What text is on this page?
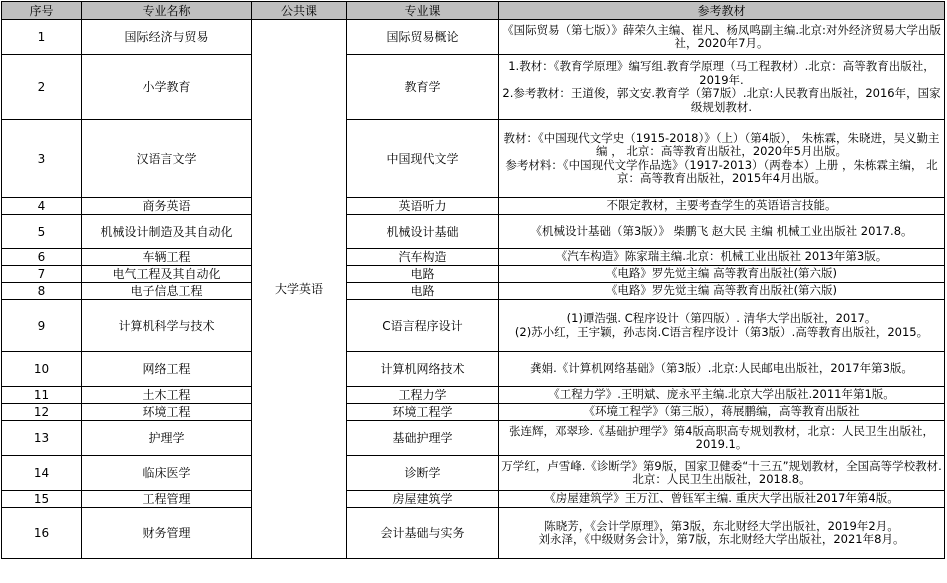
序号	专业名称	公共课	专业课	参考教材
1	国际经济与贸易	大学英语	国际贸易概论	《国际贸易（第七版）》薛荣久主编、崔凡、杨凤鸣副主编.北京:对外经济贸易大学出版社，2020年7月。

2	小学教育		教育学	1.教材：《教育学原理》编写组.教育学原理（马工程教材）.北京：高等教育出版社，2019年.
2.参考教材：王道俊，郭文安.教育学（第7版）.北京:人民教育出版社，2016年，国家级规划教材.

3	汉语言文学		中国现代文学	教材：《中国现代文学史（1915-2018）》（上）（第4版）， 朱栋霖，朱晓进，吴义勤主编 ， 北京：高等教育出版社，2020年5月出版。
参考材料：《中国现代文学作品选》（1917-2013）（两卷本）上册 ，朱栋霖主编， 北京：高等教育出版社，2015年4月出版。

4	商务英语		英语听力	不限定教材，主要考查学生的英语语言技能。

5	机械设计制造及其自动化		机械设计基础	《机械设计基础（第3版）》 柴鹏飞 赵大民 主编 机械工业出版社 2017.8。

6	车辆工程		汽车构造	《汽车构造》陈家瑞主编.北京：机械工业出版社 2013年第3版。

7	电气工程及其自动化		电路	《电路》罗先觉主编 高等教育出版社(第六版)

8	电子信息工程		电路	《电路》罗先觉主编 高等教育出版社(第六版)

9	计算机科学与技术		C语言程序设计	(1)谭浩强. C程序设计（第四版）. 清华大学出版社，2017。
(2)苏小红，王宇颖，孙志岗.C语言程序设计（第3版）.高等教育出版社，2015。

10	网络工程		计算机网络技术	龚娟.《计算机网络基础》（第3版）.北京:人民邮电出版社，2017年第3版。

11	土木工程		工程力学	《工程力学》.王明斌、庞永平主编.北京大学出版社.2011年第1版。

12	环境工程		环境工程学	《环境工程学》（第三版），蒋展鹏编，高等教育出版社

13	护理学		基础护理学	张连辉，邓翠珍.《基础护理学》第4版高职高专规划教材，北京：人民卫生出版社，2019.1。

14	临床医学		诊断学	万学红，卢雪峰.《诊断学》第9版，国家卫健委“十三五”规划教材，全国高等学校教材.北京：人民卫生出版社，2018.8。

15	工程管理		房屋建筑学	《房屋建筑学》王万江、曾钰军主编. 重庆大学出版社2017年第4版。

16	财务管理		会计基础与实务	陈晓芳，《会计学原理》，第3版，东北财经大学出版社，2019年2月。
刘永泽，《中级财务会计》，第7版，东北财经大学出版社，2021年8月。
